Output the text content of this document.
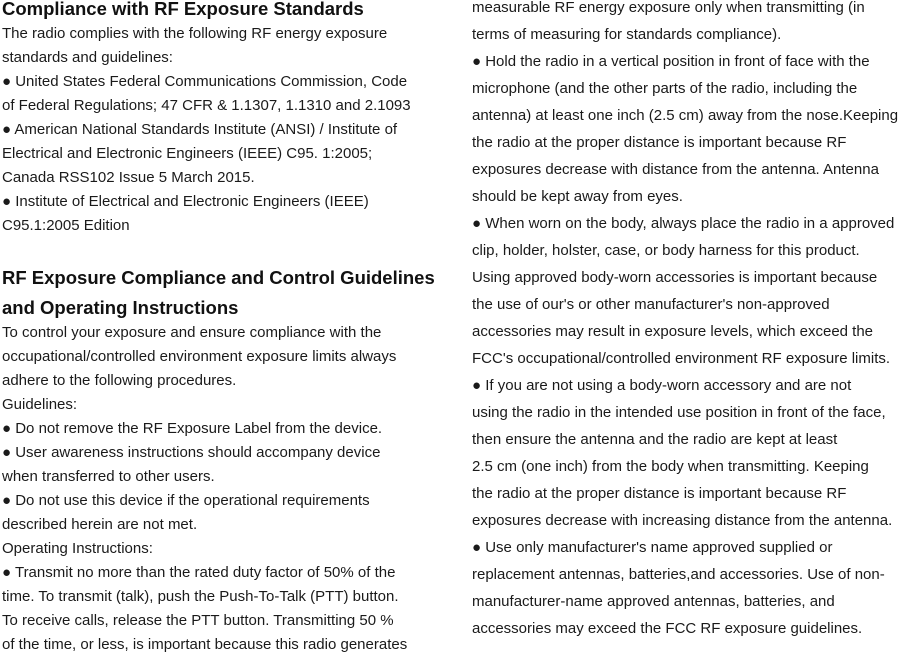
Compliance with RF Exposure Standards
The radio complies with the following RF energy exposure
standards and guidelines:
● United States Federal Communications Commission, Code
of Federal Regulations; 47 CFR & 1.1307, 1.1310 and 2.1093
● American National Standards Institute (ANSI) / Institute of
Electrical and Electronic Engineers (IEEE) C95. 1:2005;
Canada RSS102 Issue 5 March 2015.
● Institute of Electrical and Electronic Engineers (IEEE)
C95.1:2005 Edition
RF Exposure Compliance and Control Guidelines
and Operating Instructions
To control your exposure and ensure compliance with the
occupational/controlled environment exposure limits always
adhere to the following procedures.
Guidelines:
● Do not remove the RF Exposure Label from the device.
● User awareness instructions should accompany device
when transferred to other users.
● Do not use this device if the operational requirements
described herein are not met.
Operating Instructions:
● Transmit no more than the rated duty factor of 50% of the
time. To transmit (talk), push the Push-To-Talk (PTT) button.
To receive calls, release the PTT button. Transmitting 50 %
of the time, or less, is important because this radio generates
measurable RF energy exposure only when transmitting (in
terms of measuring for standards compliance).
● Hold the radio in a vertical position in front of face with the
microphone (and the other parts of the radio, including the
antenna) at least one inch (2.5 cm) away from the nose.Keeping
the radio at the proper distance is important because RF
exposures decrease with distance from the antenna. Antenna
should be kept away from eyes.
● When worn on the body, always place the radio in a approved
clip, holder, holster, case, or body harness for this product.
Using approved body-worn accessories is important because
the use of our's or other manufacturer's non-approved
accessories may result in exposure levels, which exceed the
FCC's occupational/controlled environment RF exposure limits.
● If you are not using a body-worn accessory and are not
using the radio in the intended use position in front of the face,
then ensure the antenna and the radio are kept at least
2.5 cm (one inch) from the body when transmitting. Keeping
the radio at the proper distance is important because RF
exposures decrease with increasing distance from the antenna.
● Use only manufacturer's name approved supplied or
replacement antennas, batteries,and accessories. Use of non-
manufacturer-name approved antennas, batteries, and
accessories may exceed the FCC RF exposure guidelines.
